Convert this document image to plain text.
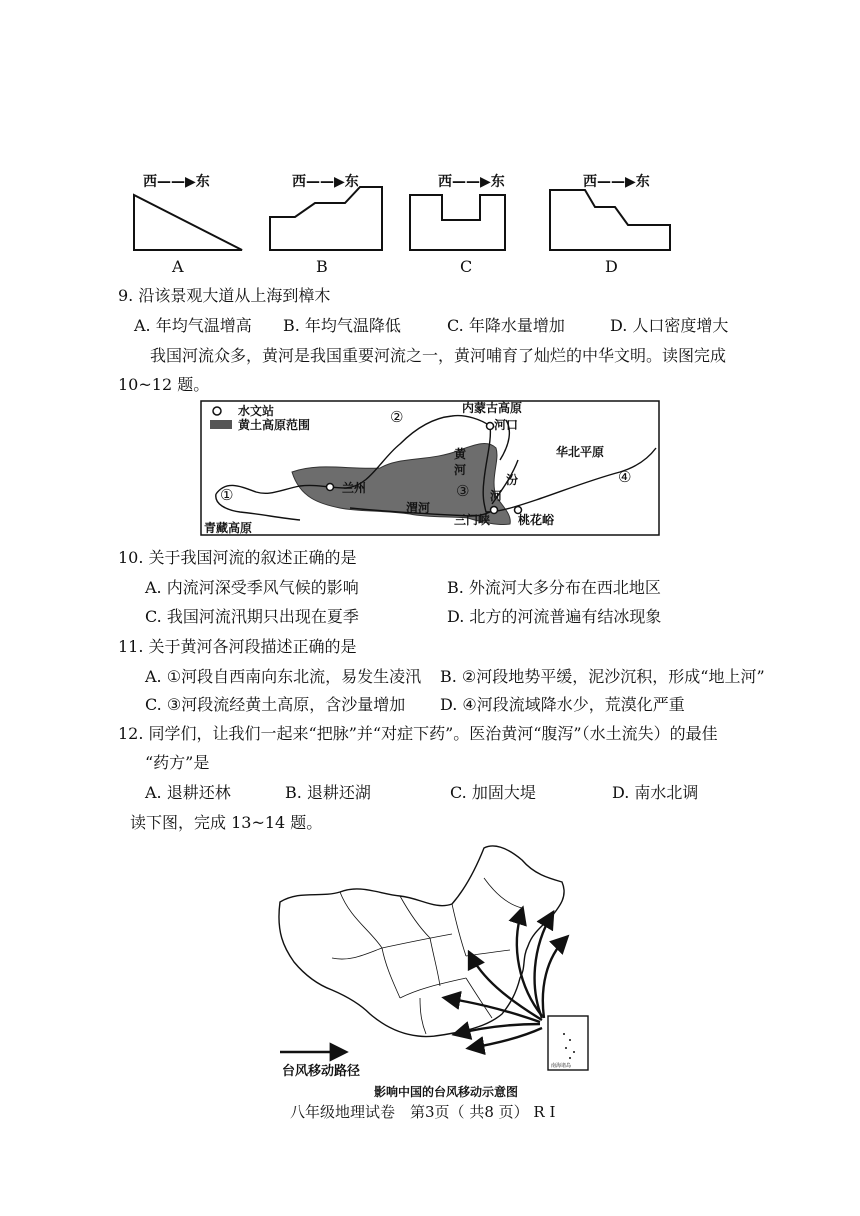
西——▶东	西——▶东	西——▶东	西——▶东
A	B	C	D
9. 沿该景观大道从上海到樟木
A. 年均气温增高 B. 年均气温降低	C. 年降水量增加	D. 人口密度增大
我国河流众多，黄河是我国重要河流之一，黄河哺育了灿烂的中华文明。读图完成
10~12 题。
水文站
黄土高原范围
内蒙古高原
河口
华北平原
兰州
渭河
黄
河
汾
河
三门峡 桃花峪
青藏高原
①
②
③
④
10. 关于我国河流的叙述正确的是
A. 内流河深受季风气候的影响	B. 外流河大多分布在西北地区
C. 我国河流汛期只出现在夏季	D. 北方的河流普遍有结冰现象
11. 关于黄河各河段描述正确的是
A. ①河段自西南向东北流，易发生凌汛 B. ②河段地势平缓，泥沙沉积，形成“地上河”
C. ③河段流经黄土高原，含沙量增加 D. ④河段流域降水少，荒漠化严重
12. 同学们，让我们一起来“把脉”并“对症下药”。医治黄河“腹泻”（水土流失）的最佳
“药方”是
A. 退耕还林	B. 退耕还湖	C. 加固大堤	D. 南水北调
读下图，完成 13~14 题。
南海诸岛
台风移动路径
影响中国的台风移动示意图
八年级地理试卷　第3页（ 共8 页） R I
